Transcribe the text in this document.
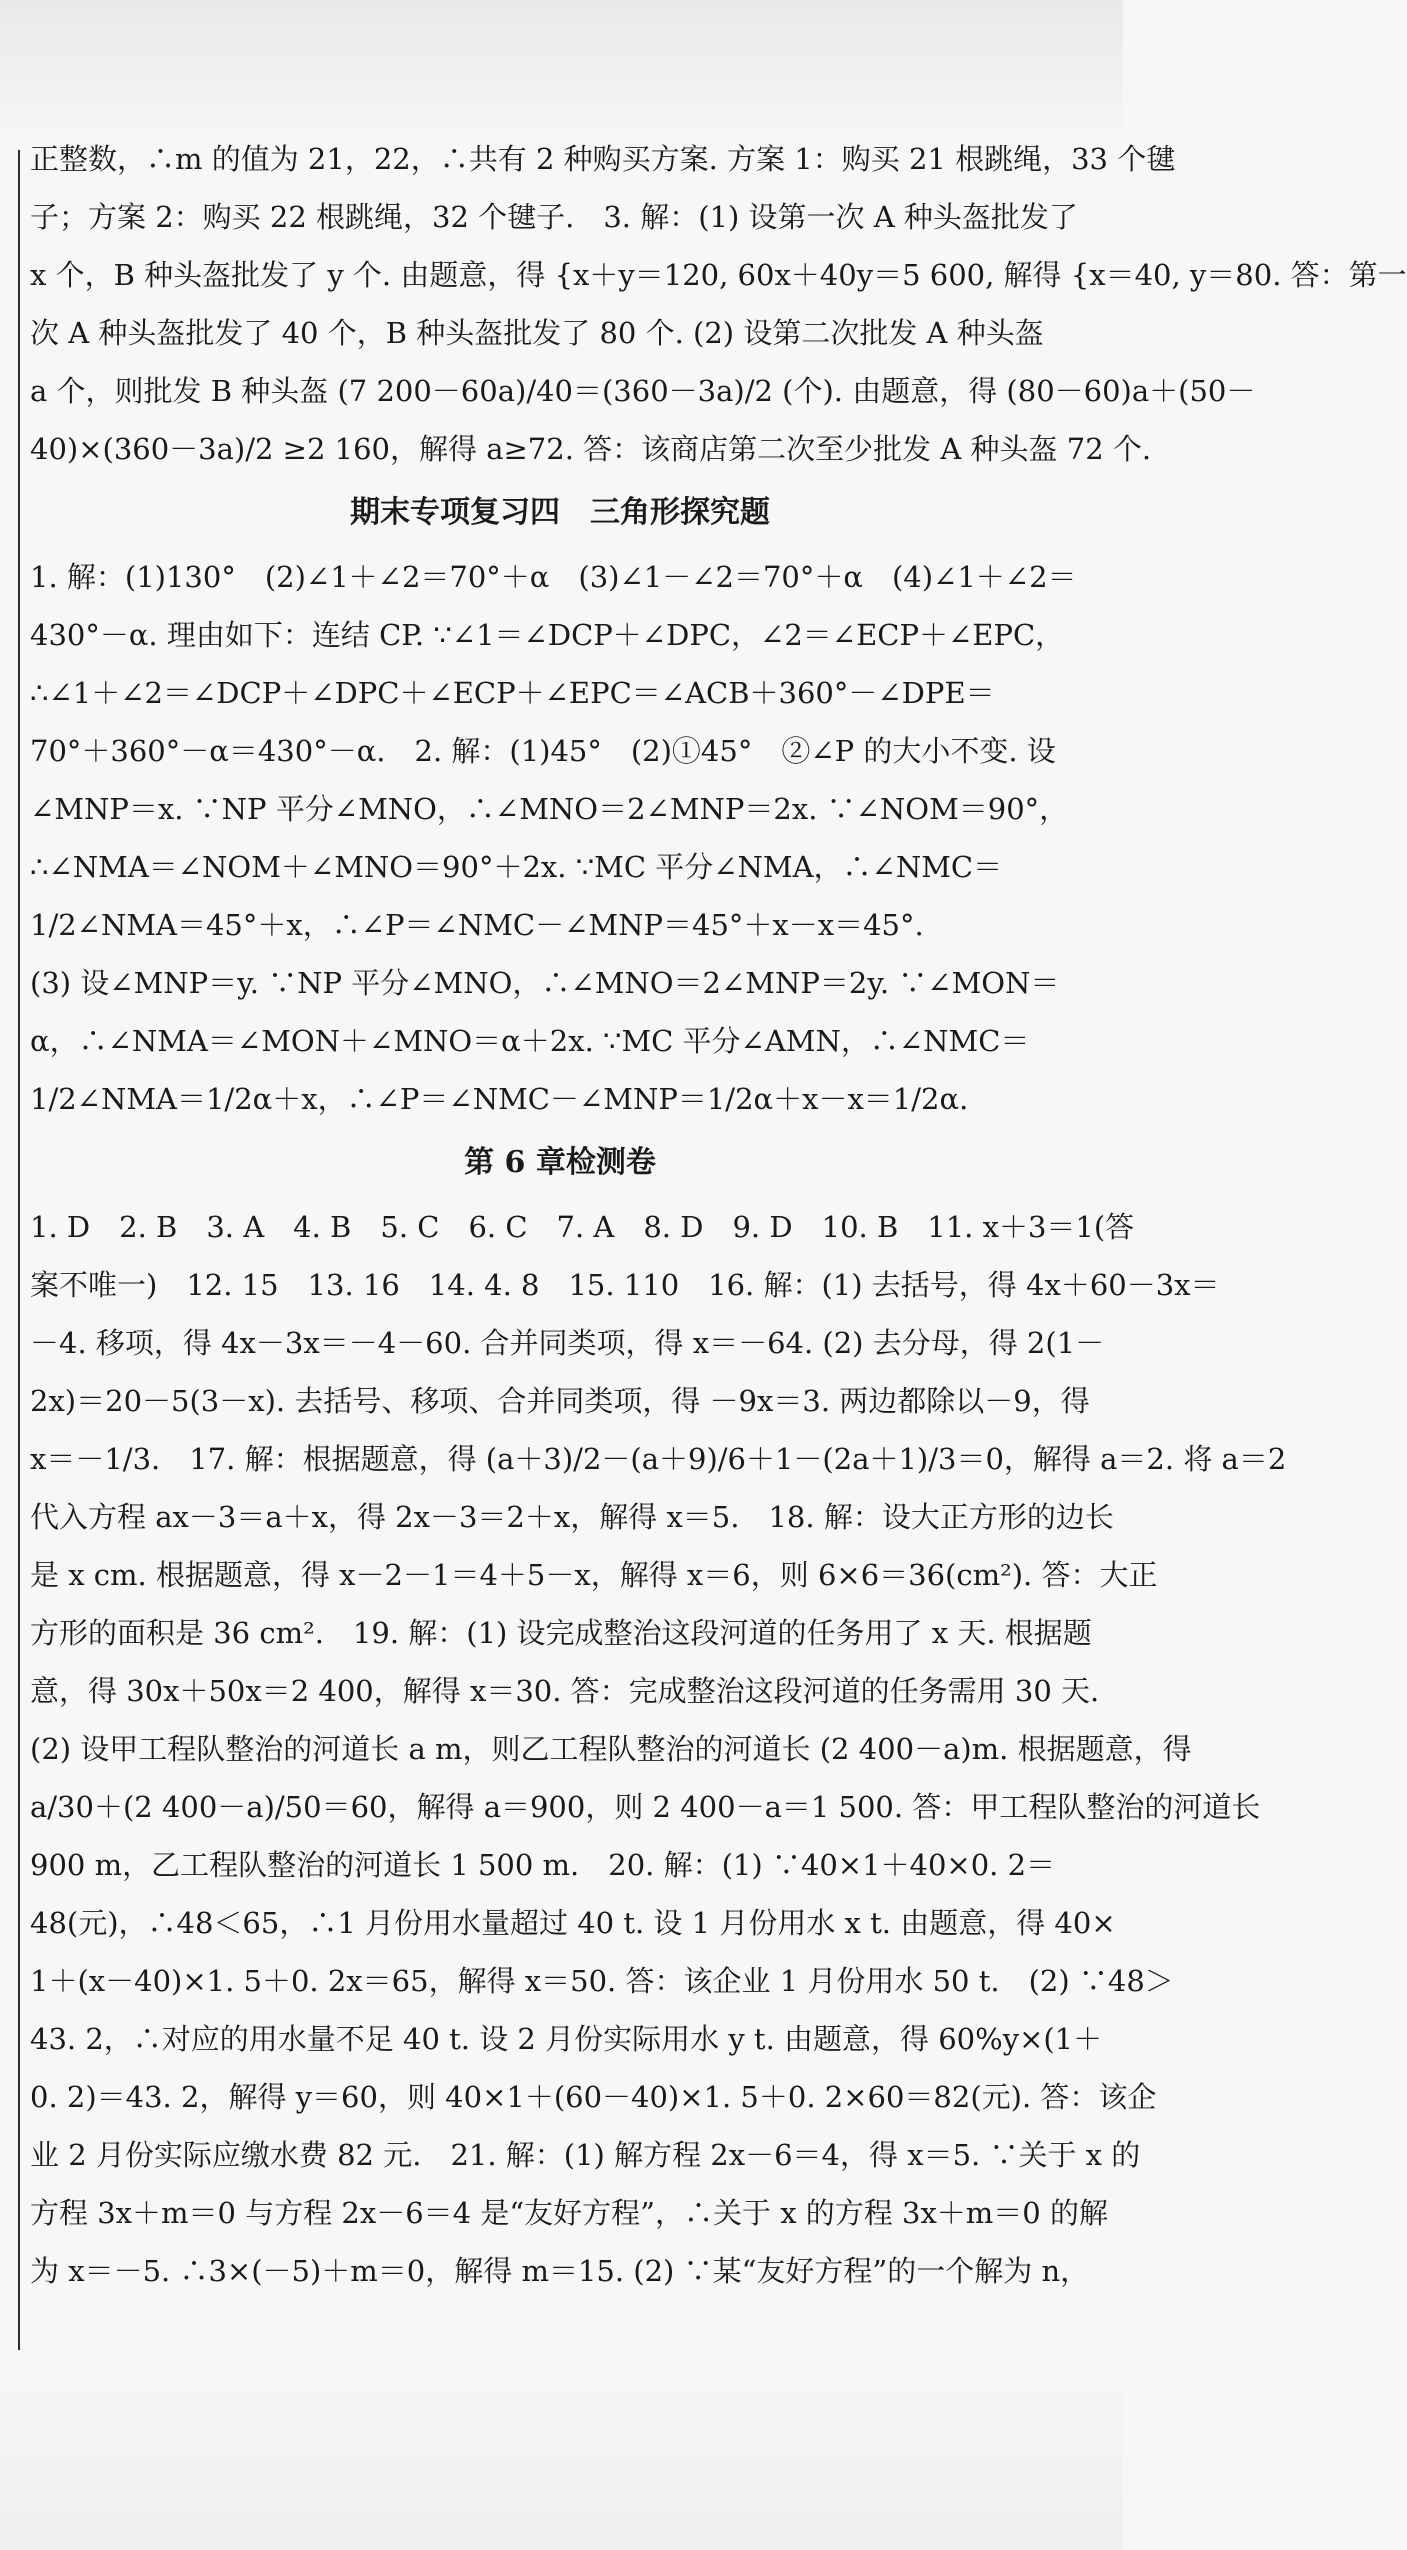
正整数，∴m 的值为 21，22，∴共有 2 种购买方案. 方案 1：购买 21 根跳绳，33 个毽
子；方案 2：购买 22 根跳绳，32 个毽子.　3. 解：(1) 设第一次 A 种头盔批发了
x 个，B 种头盔批发了 y 个. 由题意，得 {x＋y＝120, 60x＋40y＝5 600, 解得 {x＝40, y＝80. 答：第一
次 A 种头盔批发了 40 个，B 种头盔批发了 80 个. (2) 设第二次批发 A 种头盔
a 个，则批发 B 种头盔 (7 200－60a)/40＝(360－3a)/2 (个). 由题意，得 (80－60)a＋(50－
40)×(360－3a)/2 ≥2 160，解得 a≥72. 答：该商店第二次至少批发 A 种头盔 72 个.
期末专项复习四　三角形探究题
1. 解：(1)130°　(2)∠1＋∠2＝70°＋α　(3)∠1－∠2＝70°＋α　(4)∠1＋∠2＝
430°－α. 理由如下：连结 CP. ∵∠1＝∠DCP＋∠DPC，∠2＝∠ECP＋∠EPC，
∴∠1＋∠2＝∠DCP＋∠DPC＋∠ECP＋∠EPC＝∠ACB＋360°－∠DPE＝
70°＋360°－α＝430°－α.　2. 解：(1)45°　(2)①45°　②∠P 的大小不变. 设
∠MNP＝x. ∵NP 平分∠MNO，∴∠MNO＝2∠MNP＝2x. ∵∠NOM＝90°，
∴∠NMA＝∠NOM＋∠MNO＝90°＋2x. ∵MC 平分∠NMA，∴∠NMC＝
1/2∠NMA＝45°＋x，∴∠P＝∠NMC－∠MNP＝45°＋x－x＝45°.
(3) 设∠MNP＝y. ∵NP 平分∠MNO，∴∠MNO＝2∠MNP＝2y. ∵∠MON＝
α，∴∠NMA＝∠MON＋∠MNO＝α＋2x. ∵MC 平分∠AMN，∴∠NMC＝
1/2∠NMA＝1/2α＋x，∴∠P＝∠NMC－∠MNP＝1/2α＋x－x＝1/2α.
第 6 章检测卷
1. D　2. B　3. A　4. B　5. C　6. C　7. A　8. D　9. D　10. B　11. x＋3＝1(答
案不唯一)　12. 15　13. 16　14. 4. 8　15. 110　16. 解：(1) 去括号，得 4x＋60－3x＝
－4. 移项，得 4x－3x＝－4－60. 合并同类项，得 x＝－64. (2) 去分母，得 2(1－
2x)＝20－5(3－x). 去括号、移项、合并同类项，得 －9x＝3. 两边都除以－9，得
x＝－1/3.　17. 解：根据题意，得 (a＋3)/2－(a＋9)/6＋1－(2a＋1)/3＝0，解得 a＝2. 将 a＝2
代入方程 ax－3＝a＋x，得 2x－3＝2＋x，解得 x＝5.　18. 解：设大正方形的边长
是 x cm. 根据题意，得 x－2－1＝4＋5－x，解得 x＝6，则 6×6＝36(cm²). 答：大正
方形的面积是 36 cm².　19. 解：(1) 设完成整治这段河道的任务用了 x 天. 根据题
意，得 30x＋50x＝2 400，解得 x＝30. 答：完成整治这段河道的任务需用 30 天.
(2) 设甲工程队整治的河道长 a m，则乙工程队整治的河道长 (2 400－a)m. 根据题意，得
a/30＋(2 400－a)/50＝60，解得 a＝900，则 2 400－a＝1 500. 答：甲工程队整治的河道长
900 m，乙工程队整治的河道长 1 500 m.　20. 解：(1) ∵40×1＋40×0. 2＝
48(元)，∴48＜65，∴1 月份用水量超过 40 t. 设 1 月份用水 x t. 由题意，得 40×
1＋(x－40)×1. 5＋0. 2x＝65，解得 x＝50. 答：该企业 1 月份用水 50 t.　(2) ∵48＞
43. 2，∴对应的用水量不足 40 t. 设 2 月份实际用水 y t. 由题意，得 60%y×(1＋
0. 2)＝43. 2，解得 y＝60，则 40×1＋(60－40)×1. 5＋0. 2×60＝82(元). 答：该企
业 2 月份实际应缴水费 82 元.　21. 解：(1) 解方程 2x－6＝4，得 x＝5. ∵关于 x 的
方程 3x＋m＝0 与方程 2x－6＝4 是“友好方程”，∴关于 x 的方程 3x＋m＝0 的解
为 x＝－5. ∴3×(－5)＋m＝0，解得 m＝15. (2) ∵某“友好方程”的一个解为 n，
